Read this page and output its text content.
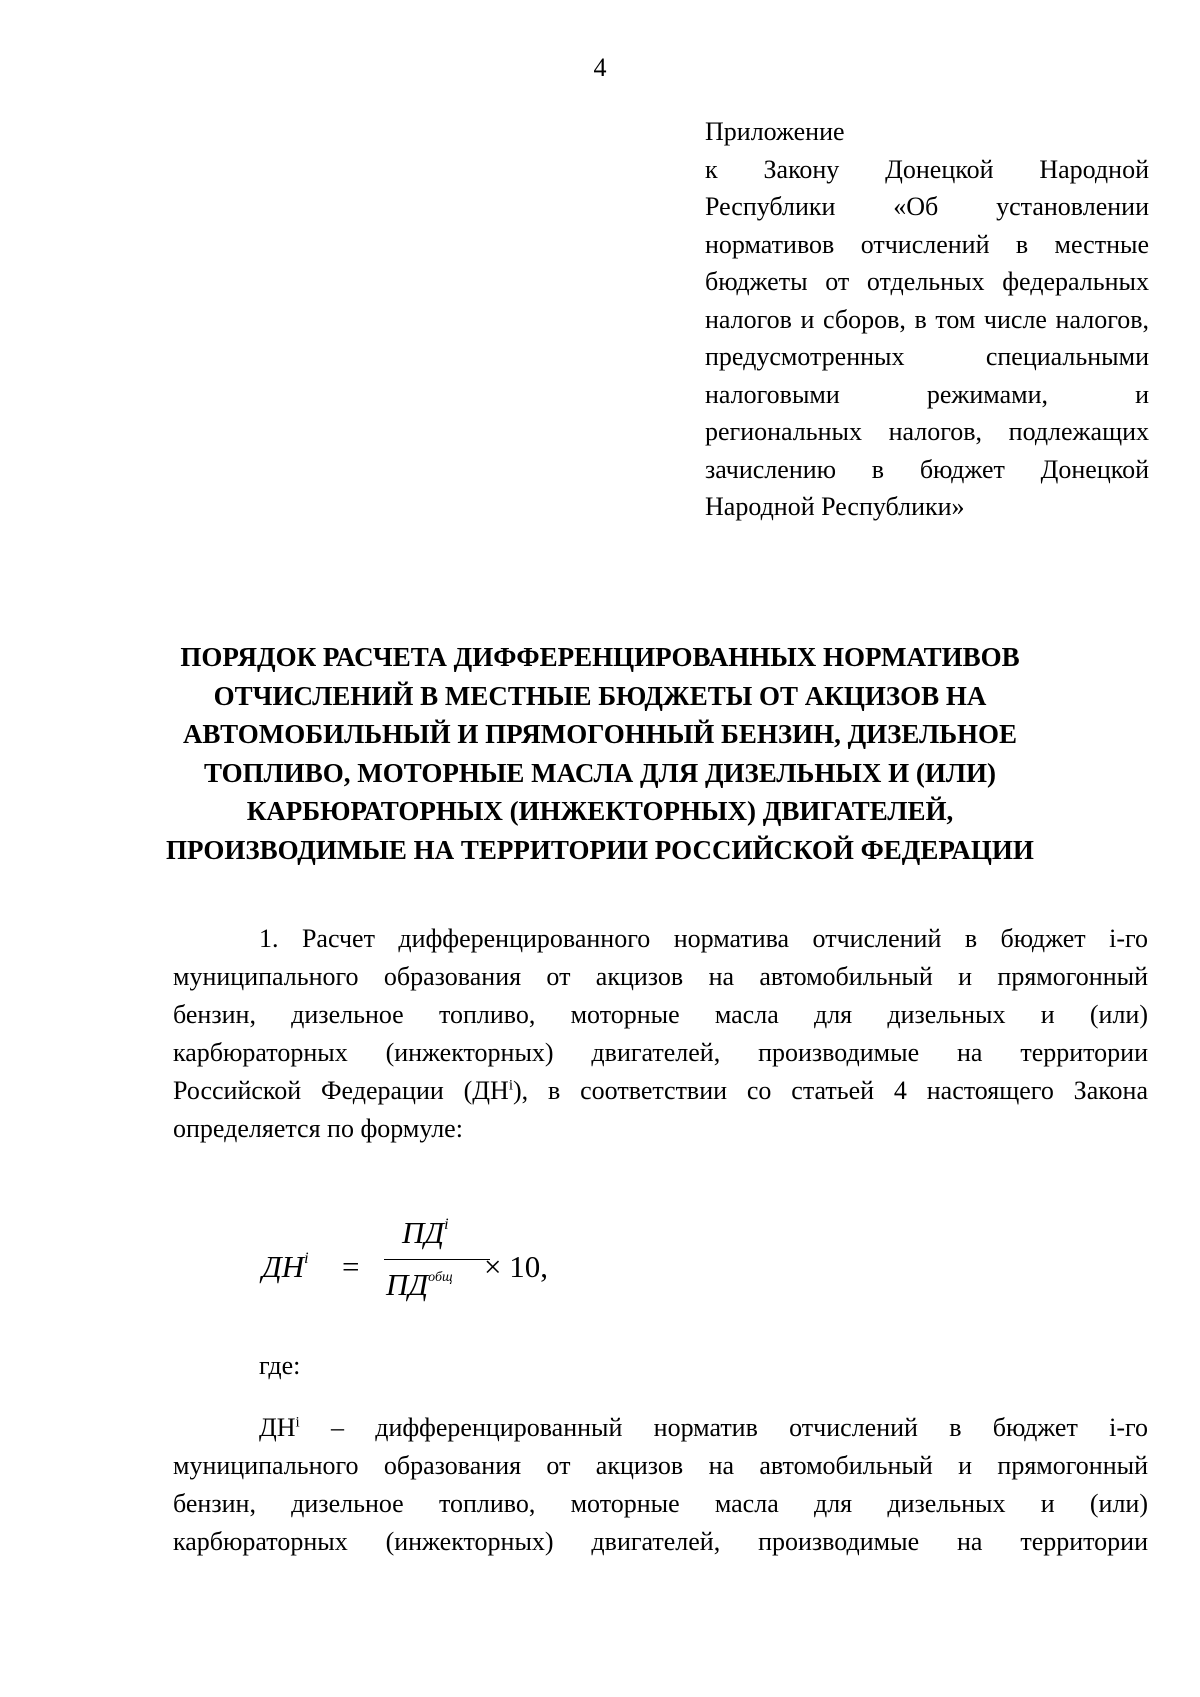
4
Приложение
к Закону Донецкой Народной Республики «Об установлении нормативов отчислений в местные бюджеты от отдельных федеральных налогов и сборов, в том числе налогов, предусмотренных специальными налоговыми режимами, и региональных налогов, подлежащих зачислению в бюджет Донецкой Народной Республики»
ПОРЯДОК РАСЧЕТА ДИФФЕРЕНЦИРОВАННЫХ НОРМАТИВОВ
ОТЧИСЛЕНИЙ В МЕСТНЫЕ БЮДЖЕТЫ ОТ АКЦИЗОВ НА
АВТОМОБИЛЬНЫЙ И ПРЯМОГОННЫЙ БЕНЗИН, ДИЗЕЛЬНОЕ
ТОПЛИВО, МОТОРНЫЕ МАСЛА ДЛЯ ДИЗЕЛЬНЫХ И (ИЛИ)
КАРБЮРАТОРНЫХ (ИНЖЕКТОРНЫХ) ДВИГАТЕЛЕЙ,
ПРОИЗВОДИМЫЕ НА ТЕРРИТОРИИ РОССИЙСКОЙ ФЕДЕРАЦИИ
1. Расчет дифференцированного норматива отчислений в бюджет i-го
муниципального образования от акцизов на автомобильный и прямогонный
бензин, дизельное топливо, моторные масла для дизельных и (или)
карбюраторных (инжекторных) двигателей, производимые на территории
Российской Федерации $(ДН^i)$, в соответствии со статьей 4 настоящего Закона
определяется по формуле:
$ДН^i$ =
$ПД^i$
$ПД^{общ} \times 10$,
где:
$ДН^i$ – дифференцированный норматив отчислений в бюджет i-го
муниципального образования от акцизов на автомобильный и прямогонный
бензин, дизельное топливо, моторные масла для дизельных и (или)
карбюраторных (инжекторных) двигателей, производимые на территории
